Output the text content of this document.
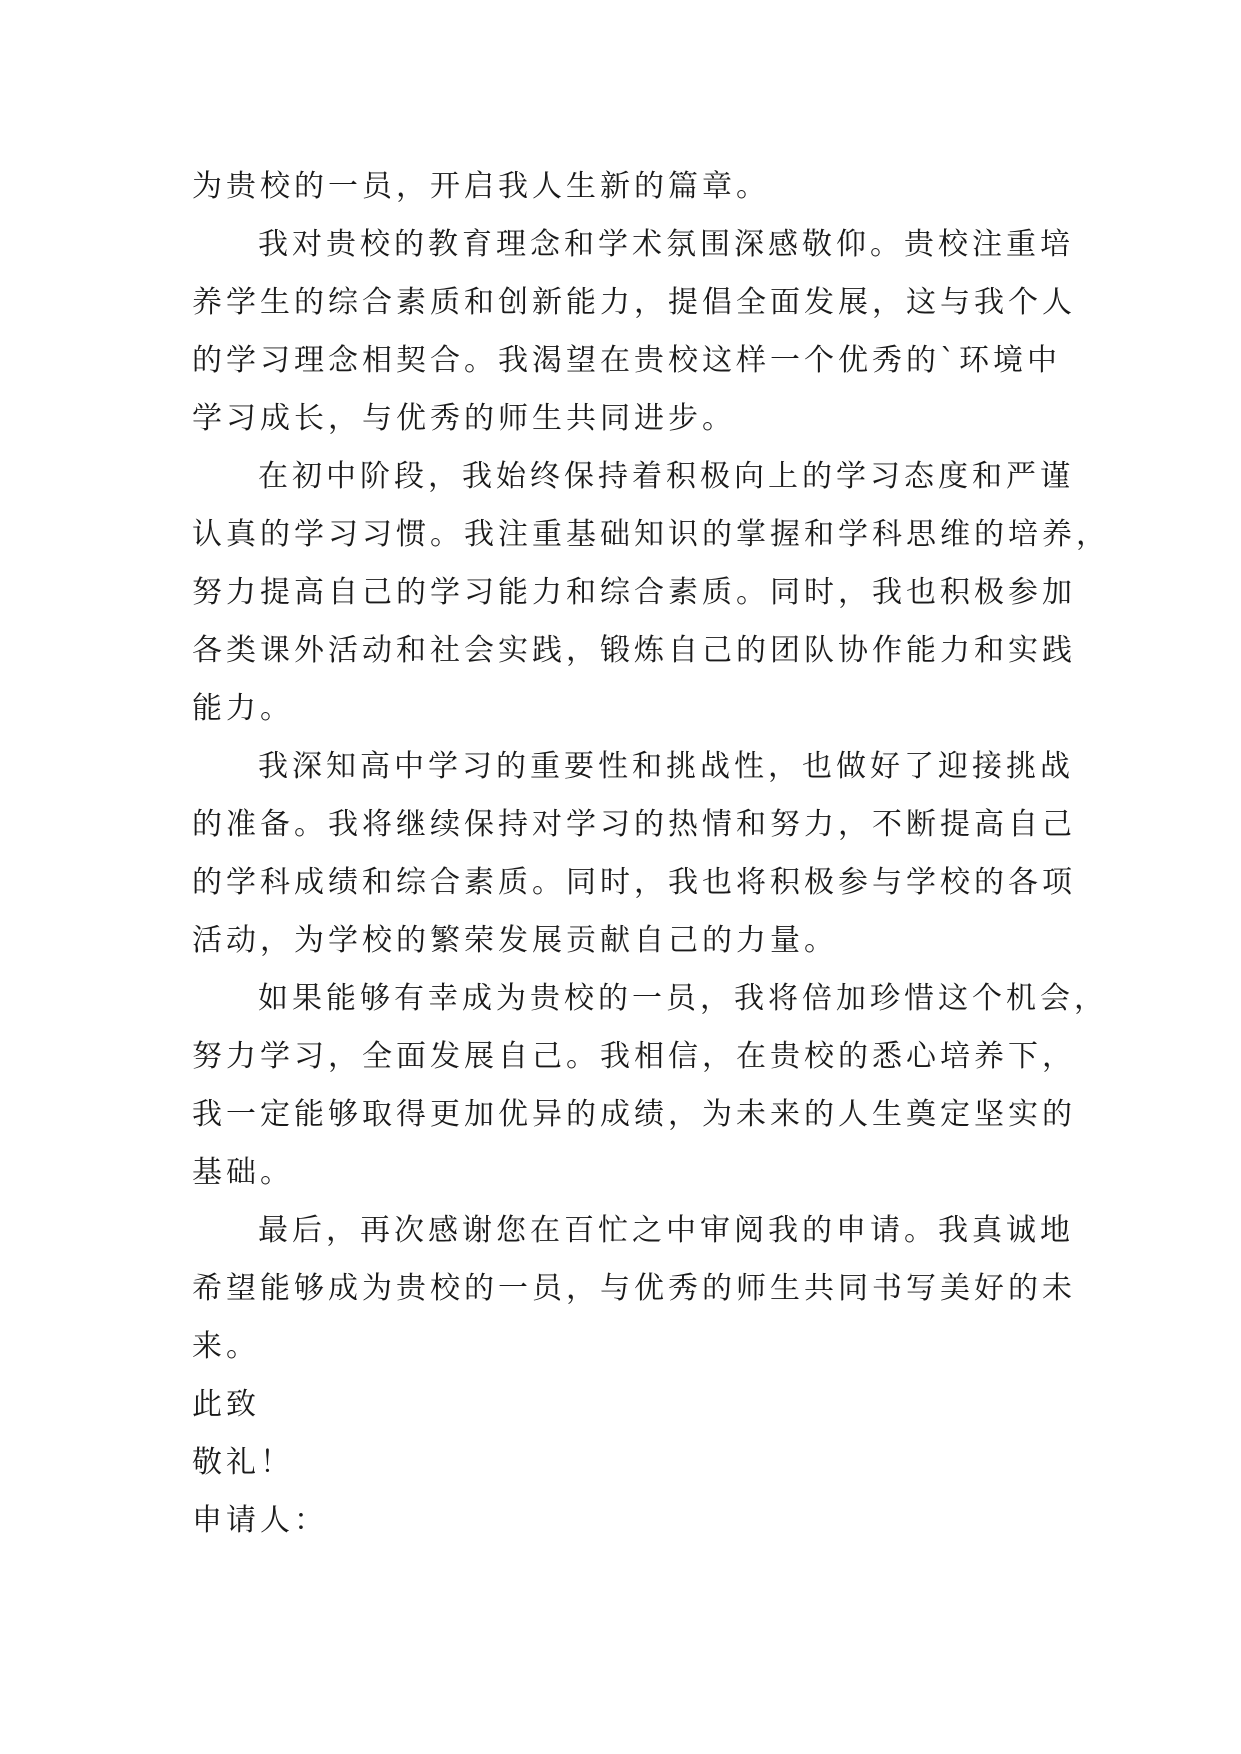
为贵校的一员，开启我人生新的篇章。
我对贵校的教育理念和学术氛围深感敬仰。贵校注重培
养学生的综合素质和创新能力，提倡全面发展，这与我个人
的学习理念相契合。我渴望在贵校这样一个优秀的`环境中
学习成长，与优秀的师生共同进步。
在初中阶段，我始终保持着积极向上的学习态度和严谨
认真的学习习惯。我注重基础知识的掌握和学科思维的培养，
努力提高自己的学习能力和综合素质。同时，我也积极参加
各类课外活动和社会实践，锻炼自己的团队协作能力和实践
能力。
我深知高中学习的重要性和挑战性，也做好了迎接挑战
的准备。我将继续保持对学习的热情和努力，不断提高自己
的学科成绩和综合素质。同时，我也将积极参与学校的各项
活动，为学校的繁荣发展贡献自己的力量。
如果能够有幸成为贵校的一员，我将倍加珍惜这个机会，
努力学习，全面发展自己。我相信，在贵校的悉心培养下，
我一定能够取得更加优异的成绩，为未来的人生奠定坚实的
基础。
最后，再次感谢您在百忙之中审阅我的申请。我真诚地
希望能够成为贵校的一员，与优秀的师生共同书写美好的未
来。
此致
敬礼！
申请人：
